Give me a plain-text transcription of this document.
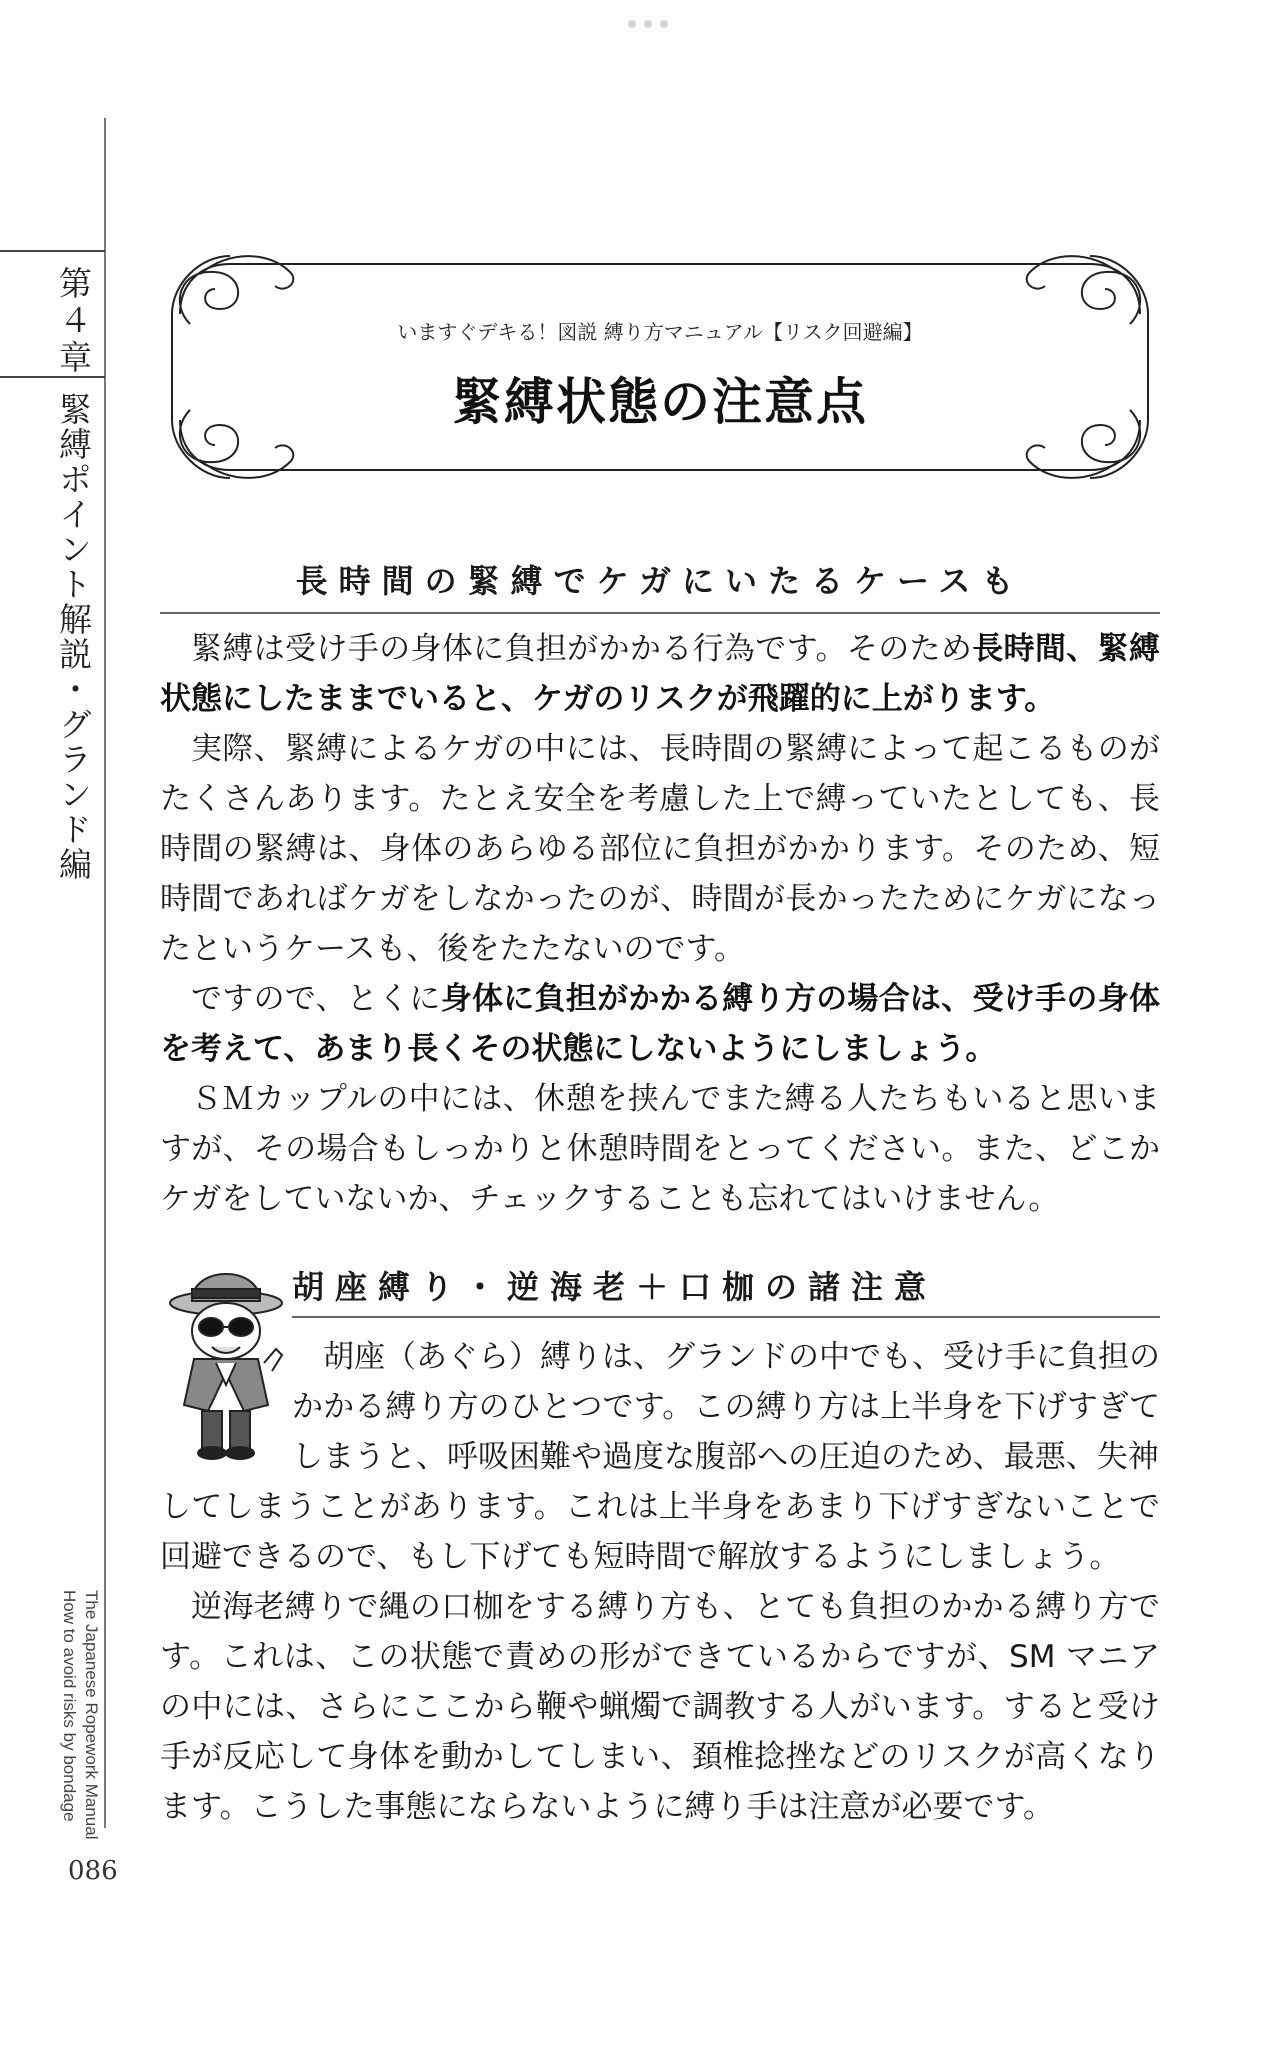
第４章
緊縛ポイント解説・グランド編
The Japanese Ropework Manual
How to avoid risks by bondage
086
いますぐデキる！図説 縛り方マニュアル【リスク回避編】
緊縛状態の注意点
長時間の緊縛でケガにいたるケースも

緊縛は受け手の身体に負担がかかる行為です。そのため長時間、緊縛状態にしたままでいると、ケガのリスクが飛躍的に上がります。

実際、緊縛によるケガの中には、長時間の緊縛によって起こるものがたくさんあります。たとえ安全を考慮した上で縛っていたとしても、長時間の緊縛は、身体のあらゆる部位に負担がかかります。そのため、短時間であればケガをしなかったのが、時間が長かったためにケガになったというケースも、後をたたないのです。

ですので、とくに身体に負担がかかる縛り方の場合は、受け手の身体を考えて、あまり長くその状態にしないようにしましょう。

ＳＭカップルの中には、休憩を挟んでまた縛る人たちもいると思いますが、その場合もしっかりと休憩時間をとってください。また、どこかケガをしていないか、チェックすることも忘れてはいけません。

胡座縛り・逆海老＋口枷の諸注意

胡座（あぐら）縛りは、グランドの中でも、受け手に負担のかかる縛り方のひとつです。この縛り方は上半身を下げすぎてしまうと、呼吸困難や過度な腹部への圧迫のため、最悪、失神

してしまうことがあります。これは上半身をあまり下げすぎないことで回避できるので、もし下げても短時間で解放するようにしましょう。

逆海老縛りで縄の口枷をする縛り方も、とても負担のかかる縛り方です。これは、この状態で責めの形ができているからですが、SM マニアの中には、さらにここから鞭や蝋燭で調教する人がいます。すると受け手が反応して身体を動かしてしまい、頚椎捻挫などのリスクが高くなります。こうした事態にならないように縛り手は注意が必要です。
